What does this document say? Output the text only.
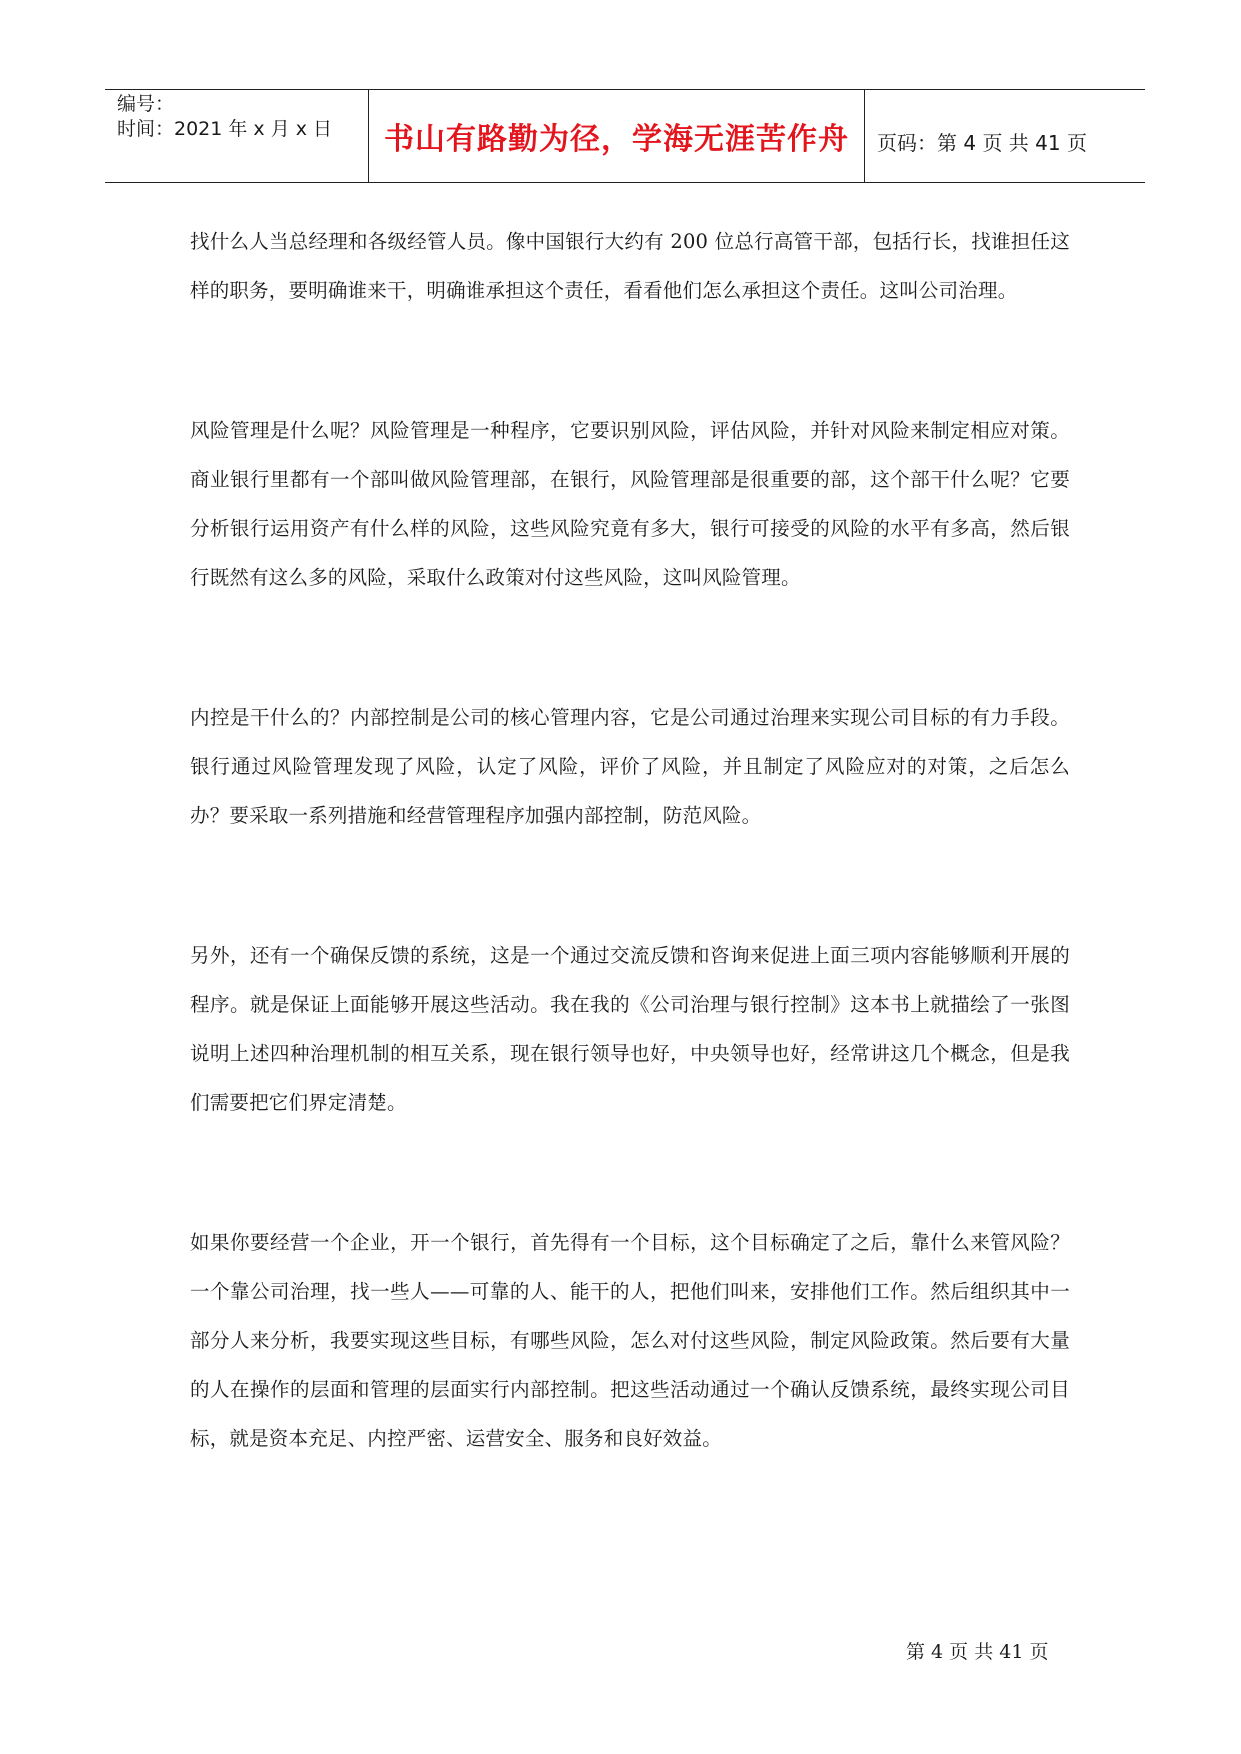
编号：
时间：2021 年 x 月 x 日	书山有路勤为径，学海无涯苦作舟 页码：第 4 页 共 41 页

找什么人当总经理和各级经管人员。像中国银行大约有 200 位总行高管干部，包括行长，找谁担任这样的职务，要明确谁来干，明确谁承担这个责任，看看他们怎么承担这个责任。这叫公司治理。

风险管理是什么呢？风险管理是一种程序，它要识别风险，评估风险，并针对风险来制定相应对策。商业银行里都有一个部叫做风险管理部，在银行，风险管理部是很重要的部，这个部干什么呢？它要分析银行运用资产有什么样的风险，这些风险究竟有多大，银行可接受的风险的水平有多高，然后银行既然有这么多的风险，采取什么政策对付这些风险，这叫风险管理。

内控是干什么的？内部控制是公司的核心管理内容，它是公司通过治理来实现公司目标的有力手段。银行通过风险管理发现了风险，认定了风险，评价了风险，并且制定了风险应对的对策，之后怎么办？要采取一系列措施和经营管理程序加强内部控制，防范风险。

另外，还有一个确保反馈的系统，这是一个通过交流反馈和咨询来促进上面三项内容能够顺利开展的程序。就是保证上面能够开展这些活动。我在我的《公司治理与银行控制》这本书上就描绘了一张图说明上述四种治理机制的相互关系，现在银行领导也好，中央领导也好，经常讲这几个概念，但是我们需要把它们界定清楚。

如果你要经营一个企业，开一个银行，首先得有一个目标，这个目标确定了之后，靠什么来管风险？一个靠公司治理，找一些人——可靠的人、能干的人，把他们叫来，安排他们工作。然后组织其中一部分人来分析，我要实现这些目标，有哪些风险，怎么对付这些风险，制定风险政策。然后要有大量的人在操作的层面和管理的层面实行内部控制。把这些活动通过一个确认反馈系统，最终实现公司目标，就是资本充足、内控严密、运营安全、服务和良好效益。

第 4 页 共 41 页
